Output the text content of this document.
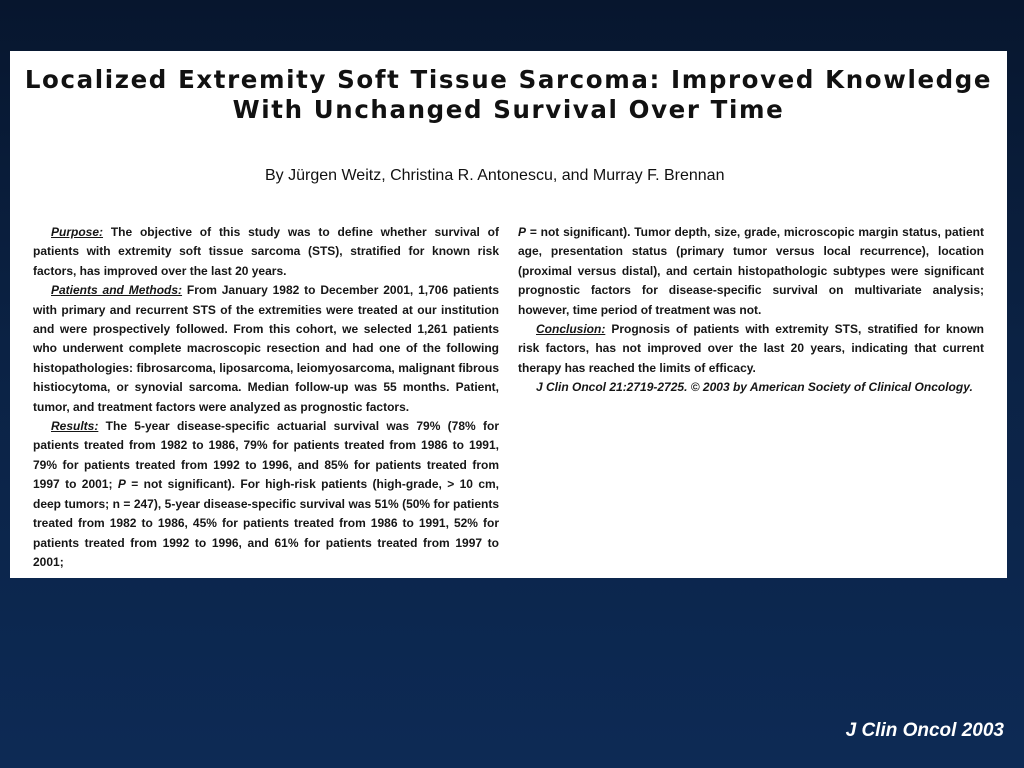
Localized Extremity Soft Tissue Sarcoma: Improved Knowledge
With Unchanged Survival Over Time
By Jürgen Weitz, Christina R. Antonescu, and Murray F. Brennan

Purpose: The objective of this study was to define whether survival of patients with extremity soft tissue sarcoma (STS), stratified for known risk factors, has improved over the last 20 years.

Patients and Methods: From January 1982 to December 2001, 1,706 patients with primary and recurrent STS of the extremities were treated at our institution and were prospectively followed. From this cohort, we selected 1,261 patients who underwent complete macroscopic resection and had one of the following histopathologies: fibrosarcoma, liposarcoma, leiomyosarcoma, malignant fibrous histiocytoma, or synovial sarcoma. Median follow-up was 55 months. Patient, tumor, and treatment factors were analyzed as prognostic factors.

Results: The 5-year disease-specific actuarial survival was 79% (78% for patients treated from 1982 to 1986, 79% for patients treated from 1986 to 1991, 79% for patients treated from 1992 to 1996, and 85% for patients treated from 1997 to 2001; P = not significant). For high-risk patients (high-grade, > 10 cm, deep tumors; n = 247), 5-year disease-specific survival was 51% (50% for patients treated from 1982 to 1986, 45% for patients treated from 1986 to 1991, 52% for patients treated from 1992 to 1996, and 61% for patients treated from 1997 to 2001;

P = not significant). Tumor depth, size, grade, microscopic margin status, patient age, presentation status (primary tumor versus local recurrence), location (proximal versus distal), and certain histopathologic subtypes were significant prognostic factors for disease-specific survival on multivariate analysis; however, time period of treatment was not.

Conclusion: Prognosis of patients with extremity STS, stratified for known risk factors, has not improved over the last 20 years, indicating that current therapy has reached the limits of efficacy.

J Clin Oncol 21:2719-2725. © 2003 by American Society of Clinical Oncology.

J Clin Oncol 2003
